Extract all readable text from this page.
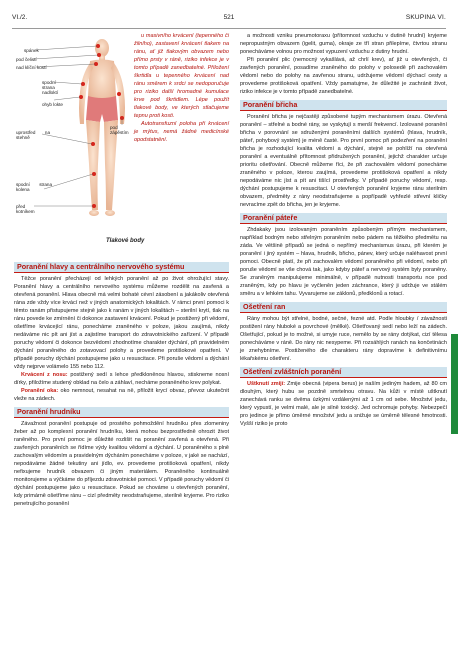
VI./2.	521	SKUPINA VI.
spánek
pod čelistí
nad klíční kostí
spodní strana nadloktí
ohyb lokte
uprostřed na stehně
pod zápěstím
spodní strana kolena
před kotníkem
Tlakové body

u masivního krvácení (tepenného či žilního), zastavení krvácení tlakem na ránu, ať již tlakovým obvazem nebo přímo prsty v ráně, riziko infekce je v tomto případě zanedbatelné. Přiložení škrtidla u tepenného krvácení nad ránu směrem k srdci se nedoporučuje pro riziko další hromadné kumulace krve pod škrtidlem. Lépe použít tlakové body, ve kterých stlačujeme tepnu proti kosti.

Autotransfuzní poloha při krvácení je mýtus, nemá žádné medicínské opodstatnění.

Poranění hlavy a centrálního nervového systému

Těžce poranění přecházejí od lehkých poranění až po život ohrožující stavy. Poranění hlavy a centrálního nervového systému můžeme rozdělit na zavřená a otevřená poranění. Hlava obecně má velmi bohaté cévní zásobení a jakákoliv otevřená rána zde vždy více krvácí než v jiných anatomických lokalitách. V rámci první pomoci k těmto ranám přistupujeme stejně jako k ranám v jiných lokalitách – sterilní krytí, tlak na ránu povede ke zmírnění či dokonce zastavení krvácení. Pokud je postižený při vědomí, ošetříme krvácející ránu, ponecháme zraněného v poloze, jakou zaujímá, nikdy nedáváme nic pít ani jíst a zajistíme transport do zdravotnického zařízení. V případě poruchy vědomí či dokonce bezvědomí zhodnotíme charakter dýchání, při pravidelném dýchání poraněného do zotavovací polohy a provedeme protišokové opatření. V případě poruchy dýchání postupujeme jako u resuscitace. Při poruše vědomí a dýchání vždy nejprve volámelo 155 nebo 112.

Krvácení z nosu: postižený sedí s lehce předkloněnou hlavou, stiskneme nosní dírky, přiložíme studený obklad na čelo a záhlaví, necháme poraněného krev polykat.

Poranění oka: oko nemnout, nesahat na ně, přiložit krycí obvaz, převoz ukutečnit vleže na zádech.

Poranění hrudníku

Závažnost poranění postupuje od prostého pohmoždění hrudníku přes zlomeniny žeber až po komplexní poranění hrudníku, která mohou bezprostředně ohrozit život raněného. Pro první pomoc je důležité rozlišit na poranění zavřená a otevřená. Při zavřených poraněních se řídíme výdy kvalitou vědomí a dýchání. U poraněného s plně zachovalým vědomím a pravidelným dýcháním ponecháme v poloze, v jaké se nachází, nepodáváme žádné tekutiny ani jídlo, ev. provedeme protišoková opatření, nikdy nefixujeme hrudník obvazem či jiným materiálem. Poraněného kontinuálně monitorujeme a výčkáme do příjezdu zdravotnické pomoci. V případě poruchy vědomí či dýchání postupujeme jako u resuscitace. Pokud se chováme u otevřených poranění, kdy primárně ošetříme ránu – cizí předměty neodstraňujeme, sterilně kryjeme. Pro riziko penetrujícího poranění

a možnosti vzniku pneumotoraxu (přítomnost vzduchu v dutině hrudní) kryjeme nepropustným obvazem (igelit, guma), okraje ze tří stran přilepíme, čtvrtou stranu ponecháváme volnou pro možnost vypuzení vzduchu z dutiny hrudní.

Při poranění plic (nemocný vykašlává, až chrlí krev), ať již u otevřených, či zavřených poranění, posadíme zraněného do polohy v polosedě při zachovalém vědomí nebo do polohy na zavřenou stranu, udržujeme vědomí dýchací cesty a provedeme protišoková opatření. Vždy pamatujme, že důležité je zachránit život, riziko infekce je v tomto případě zanedbatelné.

Poranění břicha

Poranění břicha je nejčastěji způsobené tupým mechanismem úrazu. Otevřená poranění – střelné a bodné rány, se vyskytují s menší frekvencí. Izolované poranění břicha v porovnání se sdruženými poraněními dalších systémů (hlava, hrudník, páteř, pohybový systém) je méně časté. Pro první pomoc při podezření na poranění břicha je rozhodující kvalita vědomí a dýchání, stejně se pohlíží na otevřená poranění a eventuálně přítomnost přidružených poranění, jejichž charakter určuje prioritu ošetřování. Obecně můžeme říci, že při zachovalém vědomí ponecháme zraněného v poloze, kterou zaujímá, provedeme protišoková opatření a nikdy nepodáváme nic jíst a pít ani tišící prostředky. V případě poruchy vědomí, resp. dýchání postupujeme k resuscitaci. U otevřených poranění kryjeme ránu sterilním obvazem, předměty z rány neodstraňujeme a popřípadě vyhřezlé střevní kličky nevracíme zpět do břicha, jen je kryjeme.

Poranění páteře

Zhdakaky jsou izolovaným poraněním způsobeným přímým mechanismem, například bodným nebo střelným poraněním nebo pádem na těžkého předmětu na záda. Ve většině případů se jedná o nepřímý mechanismus úrazu, při kterém je poranění i jiný systém – hlava, hrudník, břicho, pánev, který určuje naléhavost první pomoci. Obecně platí, že při zachovalém vědomí poraněného při vědomí, nebo při poruše vědomí se vše chová tak, jako kdyby páteř a nervový systém byly poraněny. Se zraněným manipulujeme minimálně, v případě nutnosti transportu nce pod zraněným, kdy po hlavu je vyčleněn jeden záchrance, který ji udržuje ve stálém směru a v lehkém tahu. Vyvarujeme se záklonů, předklonů a rotací.

Ošetření ran

Rány mohou být střelné, bodné, sečné, řezné atd. Podle hloubky / závažnosti postižení rány hluboké a povrchové (mělké). Ošetřovaný sedí nebo leží na zádech. Ošetřující, pokud je to možné, si umyje ruce, nemělo by se rány dotýkat, cizí tělesa ponecháváme v ráně. Do rány nic nesypeme. Při rozsáhlých ranách na končetinách je znehybníme. Postiženého dle charakteru rány dopravíme k definitivnímu lékařskému ošetření.

Ošetření zvláštních poranění

Uštknutí zmijí: Zmije obecná (vipera berus) je naším jediným hadem, až 80 cm dlouhým, který hubu se pozdně smrtelnou otravu. Na kůži v místě uštknutí zanechává ranku se dvěma úzkými vzdálenými až 1 cm od sebe. Množství jedu, který vypustí, je velmi malé, ale je silně toxický. Jed ochromuje pohyby. Nebezpečí pro jedince je přímo úměrné množství jedu a snižuje se úměrně tělesné hmotnosti. Vyšší riziko je proto
